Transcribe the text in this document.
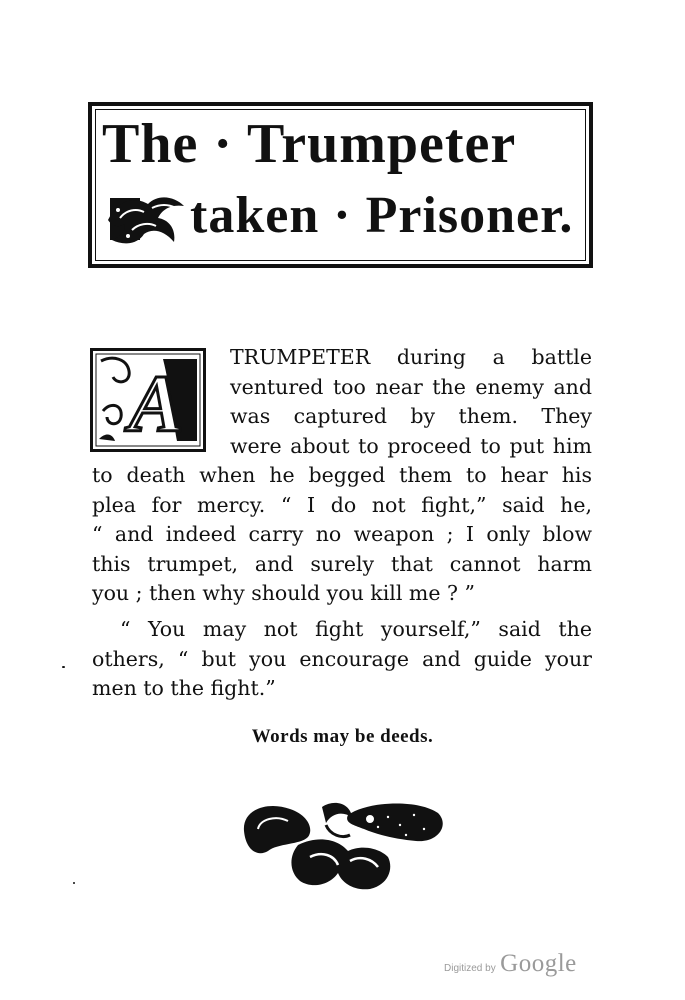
The · Trumpeter
taken · Prisoner.
A
TRUMPETER during a battle
ventured too near the enemy and
was captured by them. They
were about to proceed to put him
to death when he begged them to hear his
plea for mercy. “ I do not fight,” said he,
“ and indeed carry no weapon ; I only blow
this trumpet, and surely that cannot harm
you ; then why should you kill me ? ”
“ You may not fight yourself,” said the
others, “ but you encourage and guide your
men to the fight.”
Words may be deeds.
Digitized by Google
